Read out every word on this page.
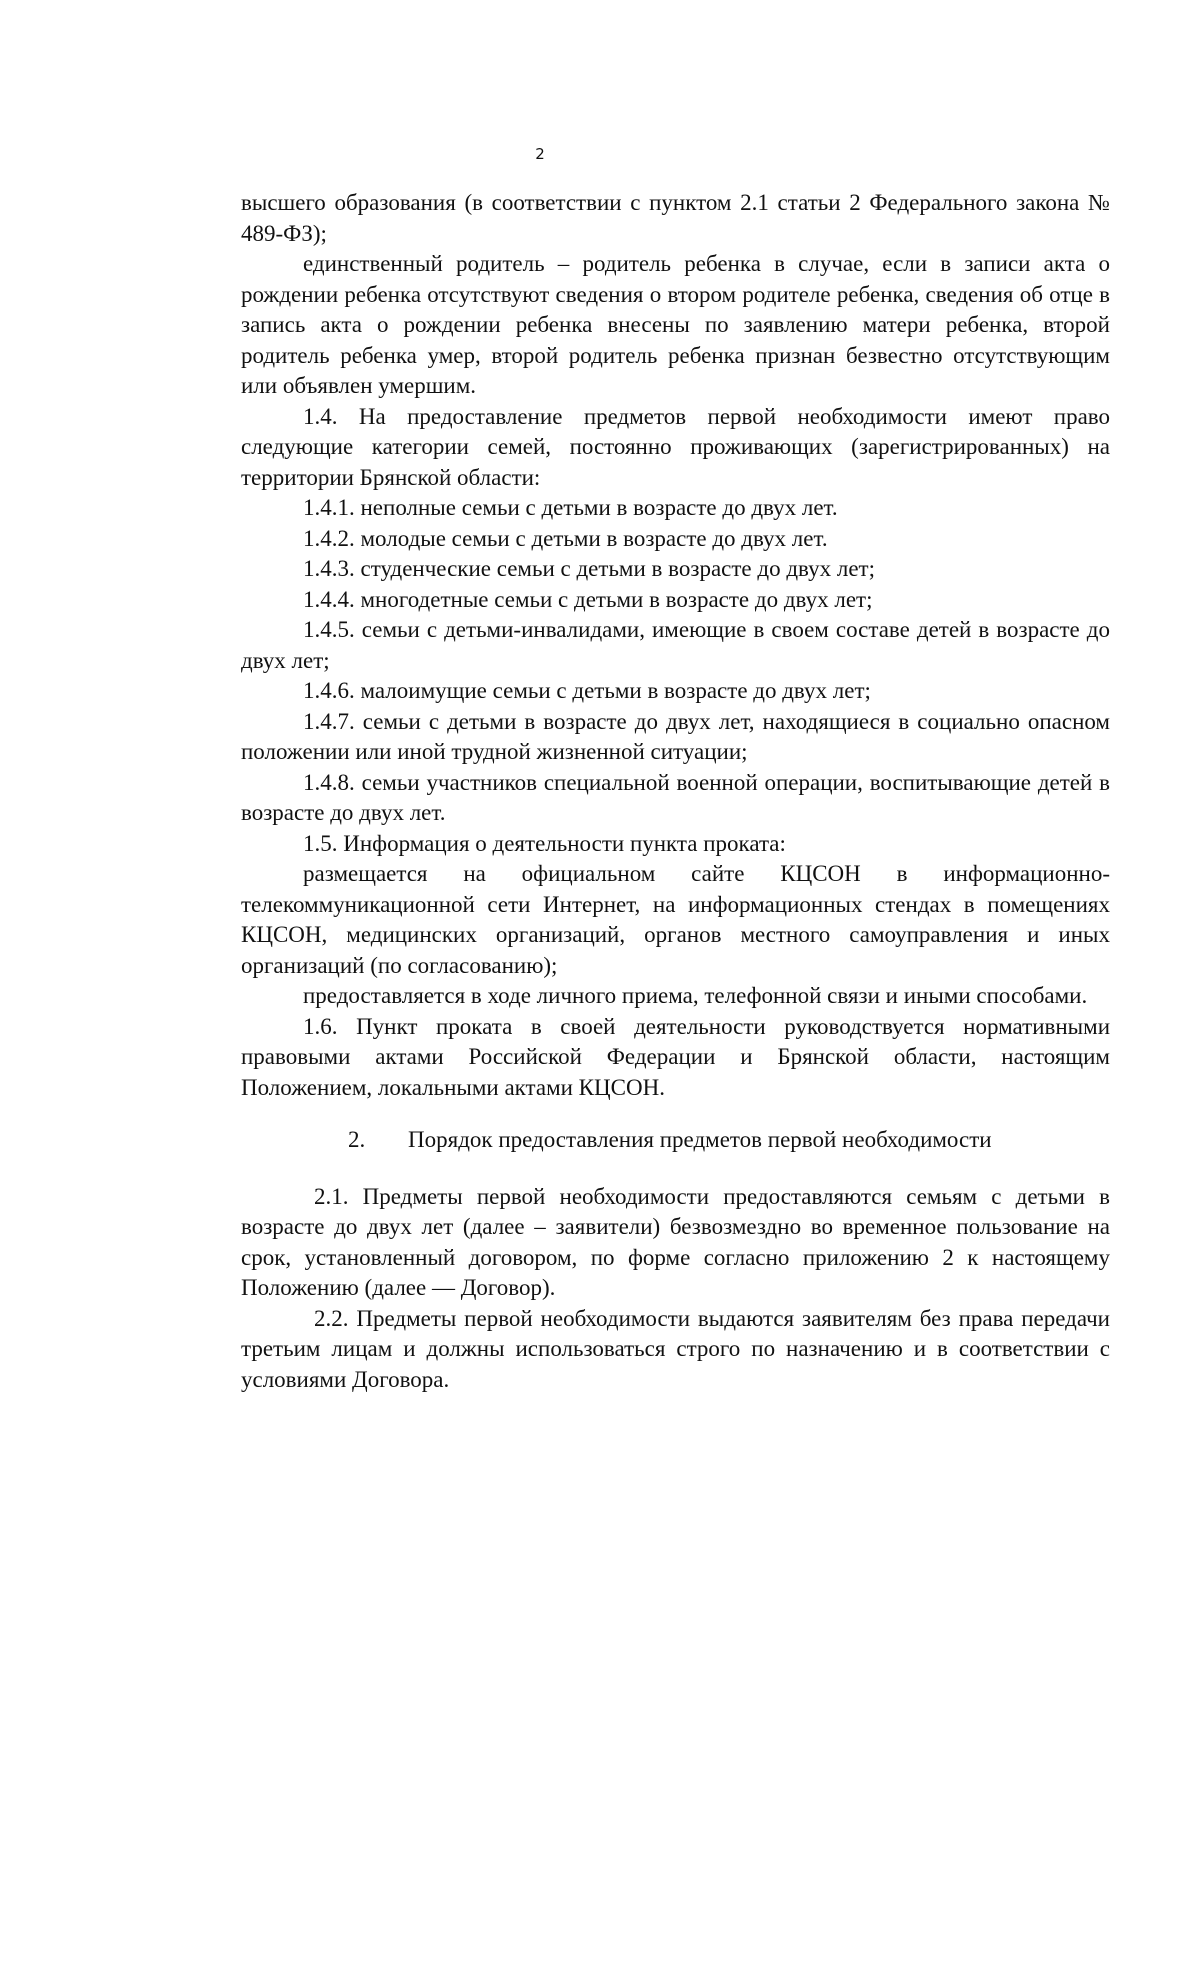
2

высшего образования (в соответствии с пунктом 2.1 статьи 2 Федерального закона № 489-ФЗ);

единственный родитель – родитель ребенка в случае, если в записи акта о рождении ребенка отсутствуют сведения о втором родителе ребенка, сведения об отце в запись акта о рождении ребенка внесены по заявлению матери ребенка, второй родитель ребенка умер, второй родитель ребенка признан безвестно отсутствующим или объявлен умершим.

1.4. На предоставление предметов первой необходимости имеют право следующие категории семей, постоянно проживающих (зарегистрированных) на территории Брянской области:

1.4.1. неполные семьи с детьми в возрасте до двух лет.

1.4.2. молодые семьи с детьми в возрасте до двух лет.

1.4.3. студенческие семьи с детьми в возрасте до двух лет;

1.4.4. многодетные семьи с детьми в возрасте до двух лет;

1.4.5. семьи с детьми-инвалидами, имеющие в своем составе детей в возрасте до двух лет;

1.4.6. малоимущие семьи с детьми в возрасте до двух лет;

1.4.7. семьи с детьми в возрасте до двух лет, находящиеся в социально опасном положении или иной трудной жизненной ситуации;

1.4.8. семьи участников специальной военной операции, воспитывающие детей в возрасте до двух лет.

1.5. Информация о деятельности пункта проката:

размещается на официальном сайте КЦСОН в информационно-телекоммуникационной сети Интернет, на информационных стендах в помещениях КЦСОН, медицинских организаций, органов местного самоуправления и иных организаций (по согласованию);

предоставляется в ходе личного приема, телефонной связи и иными способами.

1.6. Пункт проката в своей деятельности руководствуется нормативными правовыми актами Российской Федерации и Брянской области, настоящим Положением, локальными актами КЦСОН.

2. Порядок предоставления предметов первой необходимости

2.1. Предметы первой необходимости предоставляются семьям с детьми в возрасте до двух лет (далее – заявители) безвозмездно во временное пользование на срок, установленный договором, по форме согласно приложению 2 к настоящему Положению (далее — Договор).

2.2. Предметы первой необходимости выдаются заявителям без права передачи третьим лицам и должны использоваться строго по назначению и в соответствии с условиями Договора.
